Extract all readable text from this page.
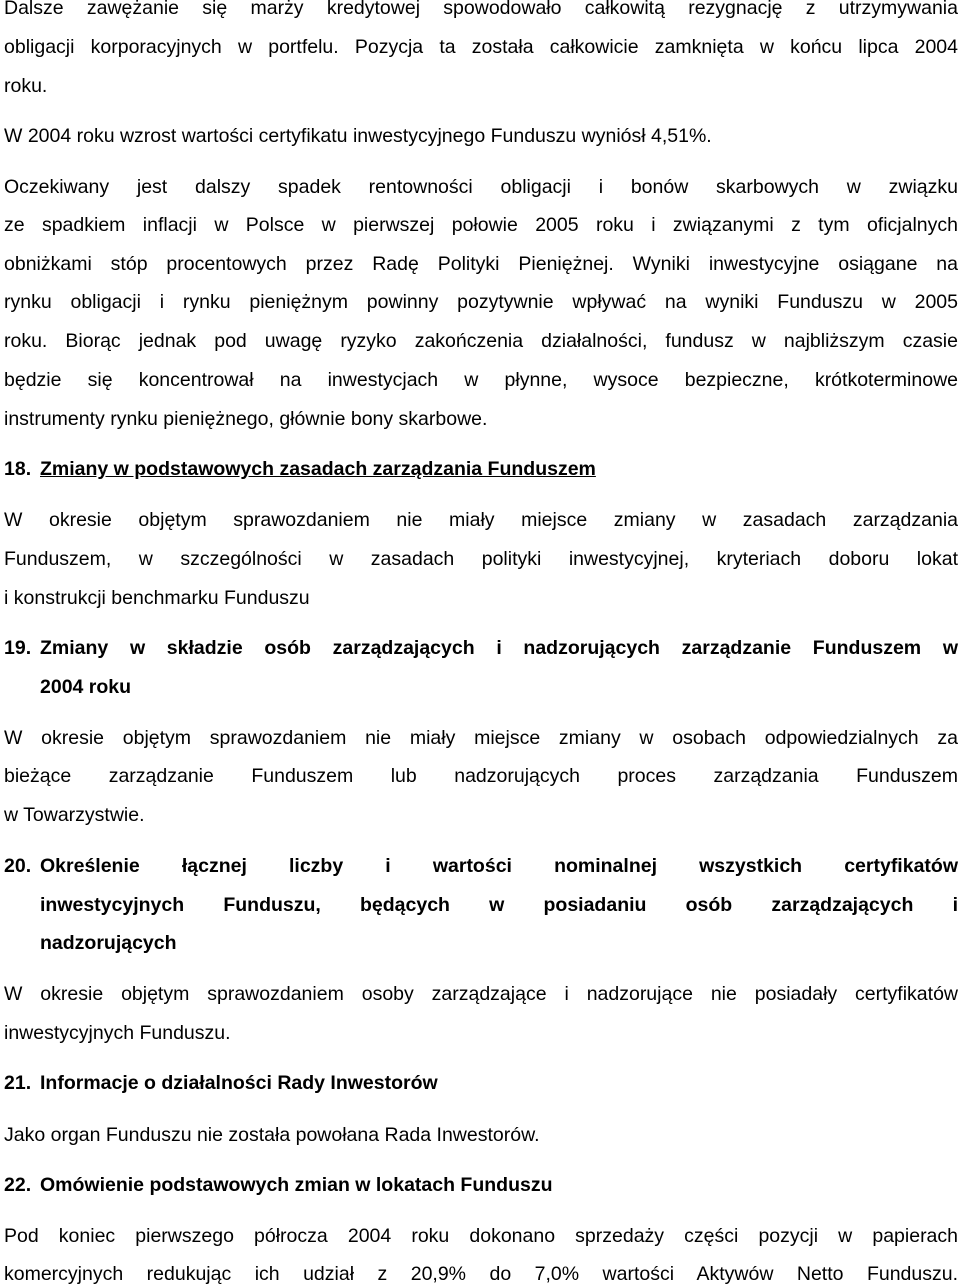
Dalsze zawężanie się marży kredytowej spowodowało całkowitą rezygnację z utrzymywania
obligacji korporacyjnych w portfelu. Pozycja ta została całkowicie zamknięta w końcu lipca 2004
roku.
W 2004 roku wzrost wartości certyfikatu inwestycyjnego Funduszu wyniósł 4,51%.
Oczekiwany jest dalszy spadek rentowności obligacji i bonów skarbowych w związku
ze spadkiem inflacji w Polsce w pierwszej połowie 2005 roku i związanymi z tym oficjalnych
obniżkami stóp procentowych przez Radę Polityki Pieniężnej. Wyniki inwestycyjne osiągane na
rynku obligacji i rynku pieniężnym powinny pozytywnie wpływać na wyniki Funduszu w 2005
roku. Biorąc jednak pod uwagę ryzyko zakończenia działalności, fundusz w najbliższym czasie
będzie się koncentrował na inwestycjach w płynne, wysoce bezpieczne, krótkoterminowe
instrumenty rynku pieniężnego, głównie bony skarbowe.
18. Zmiany w podstawowych zasadach zarządzania Funduszem
W okresie objętym sprawozdaniem nie miały miejsce zmiany w zasadach zarządzania
Funduszem, w szczególności w zasadach polityki inwestycyjnej, kryteriach doboru lokat
i konstrukcji benchmarku Funduszu
19. Zmiany w składzie osób zarządzających i nadzorujących zarządzanie Funduszem w
2004 roku
W okresie objętym sprawozdaniem nie miały miejsce zmiany w osobach odpowiedzialnych za
bieżące zarządzanie Funduszem lub nadzorujących proces zarządzania Funduszem
w Towarzystwie.
20. Określenie łącznej liczby i wartości nominalnej wszystkich certyfikatów
inwestycyjnych Funduszu, będących w posiadaniu osób zarządzających i
nadzorujących
W okresie objętym sprawozdaniem osoby zarządzające i nadzorujące nie posiadały certyfikatów
inwestycyjnych Funduszu.
21. Informacje o działalności Rady Inwestorów
Jako organ Funduszu nie została powołana Rada Inwestorów.
22. Omówienie podstawowych zmian w lokatach Funduszu
Pod koniec pierwszego półrocza 2004 roku dokonano sprzedaży części pozycji w papierach
komercyjnych redukując ich udział z 20,9% do 7,0% wartości Aktywów Netto Funduszu.
